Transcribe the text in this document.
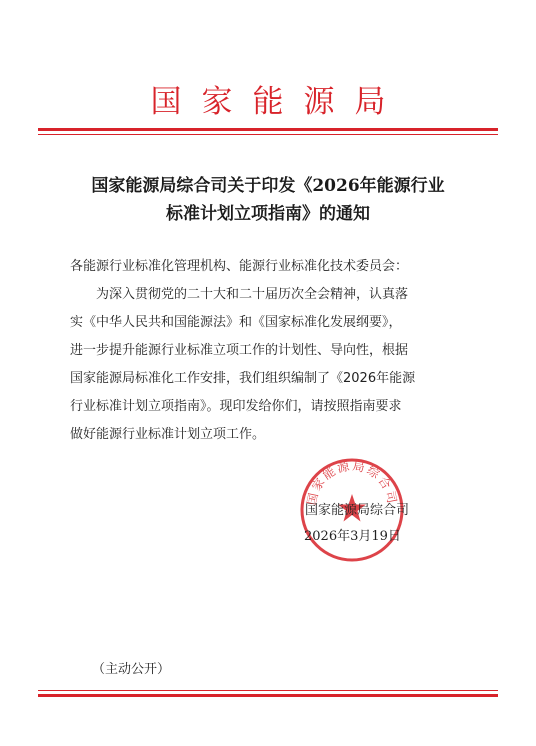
国家能源局
国家能源局综合司关于印发《2026年能源行业
标准计划立项指南》的通知
各能源行业标准化管理机构、能源行业标准化技术委员会：
　　为深入贯彻党的二十大和二十届历次全会精神，认真落
实《中华人民共和国能源法》和《国家标准化发展纲要》，
进一步提升能源行业标准立项工作的计划性、导向性，根据
国家能源局标准化工作安排，我们组织编制了《2026年能源
行业标准计划立项指南》。现印发给你们，请按照指南要求
做好能源行业标准计划立项工作。
国家能源局综合司
国家能源局综合司
2026年3月19日
（主动公开）
